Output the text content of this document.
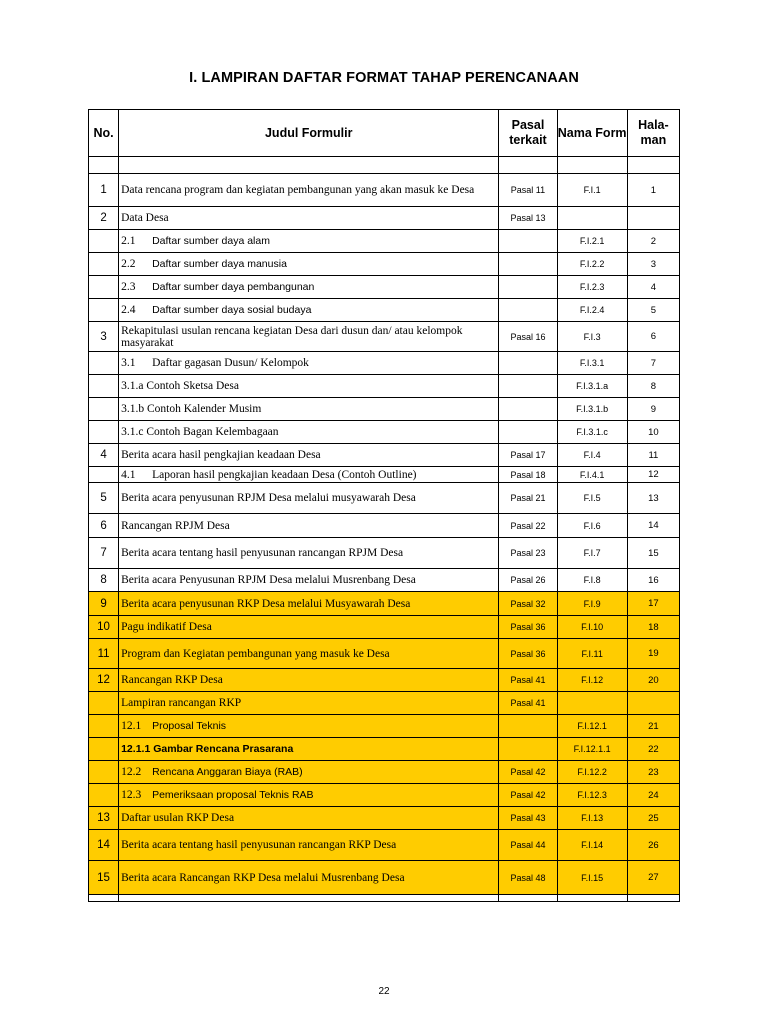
I. LAMPIRAN DAFTAR FORMAT TAHAP PERENCANAAN
No.	Judul Formulir	Pasal terkait	Nama Form	Hala- man

1	Data rencana program dan kegiatan pembangunan yang akan masuk ke Desa	Pasal 11	F.I.1	1
2	Data Desa	Pasal 13		
	2.1 Daftar sumber daya alam		F.I.2.1	2
	2.2 Daftar sumber daya manusia		F.I.2.2	3
	2.3 Daftar sumber daya pembangunan		F.I.2.3	4
	2.4 Daftar sumber daya sosial budaya		F.I.2.4	5
3	Rekapitulasi usulan rencana kegiatan Desa dari dusun dan/ atau kelompok masyarakat	Pasal 16	F.I.3	6
	3.1 Daftar gagasan Dusun/ Kelompok		F.I.3.1	7
	3.1.a Contoh Sketsa Desa		F.I.3.1.a	8
	3.1.b Contoh Kalender Musim		F.I.3.1.b	9
	3.1.c Contoh Bagan Kelembagaan		F.I.3.1.c	10
4	Berita acara hasil pengkajian keadaan Desa	Pasal 17	F.I.4	11
	4.1 Laporan hasil pengkajian keadaan Desa (Contoh Outline)	Pasal 18	F.I.4.1	12
5	Berita acara penyusunan RPJM Desa melalui musyawarah Desa	Pasal 21	F.I.5	13
6	Rancangan RPJM Desa	Pasal 22	F.I.6	14
7	Berita acara tentang hasil penyusunan rancangan RPJM Desa	Pasal 23	F.I.7	15
8	Berita acara Penyusunan RPJM Desa melalui Musrenbang Desa	Pasal 26	F.I.8	16
9	Berita acara penyusunan RKP Desa melalui Musyawarah Desa	Pasal 32	F.I.9	17
10	Pagu indikatif Desa	Pasal 36	F.I.10	18
11	Program dan Kegiatan pembangunan yang masuk ke Desa	Pasal 36	F.I.11	19
12	Rancangan RKP Desa	Pasal 41	F.I.12	20
	Lampiran rancangan RKP	Pasal 41		
	12.1 Proposal Teknis		F.I.12.1	21
	12.1.1 Gambar Rencana Prasarana		F.I.12.1.1	22
	12.2 Rencana Anggaran Biaya (RAB)	Pasal 42	F.I.12.2	23
	12.3 Pemeriksaan proposal Teknis RAB	Pasal 42	F.I.12.3	24
13	Daftar usulan RKP Desa	Pasal 43	F.I.13	25
14	Berita acara tentang hasil penyusunan rancangan RKP Desa	Pasal 44	F.I.14	26
15	Berita acara Rancangan RKP Desa melalui Musrenbang Desa	Pasal 48	F.I.15	27

22
